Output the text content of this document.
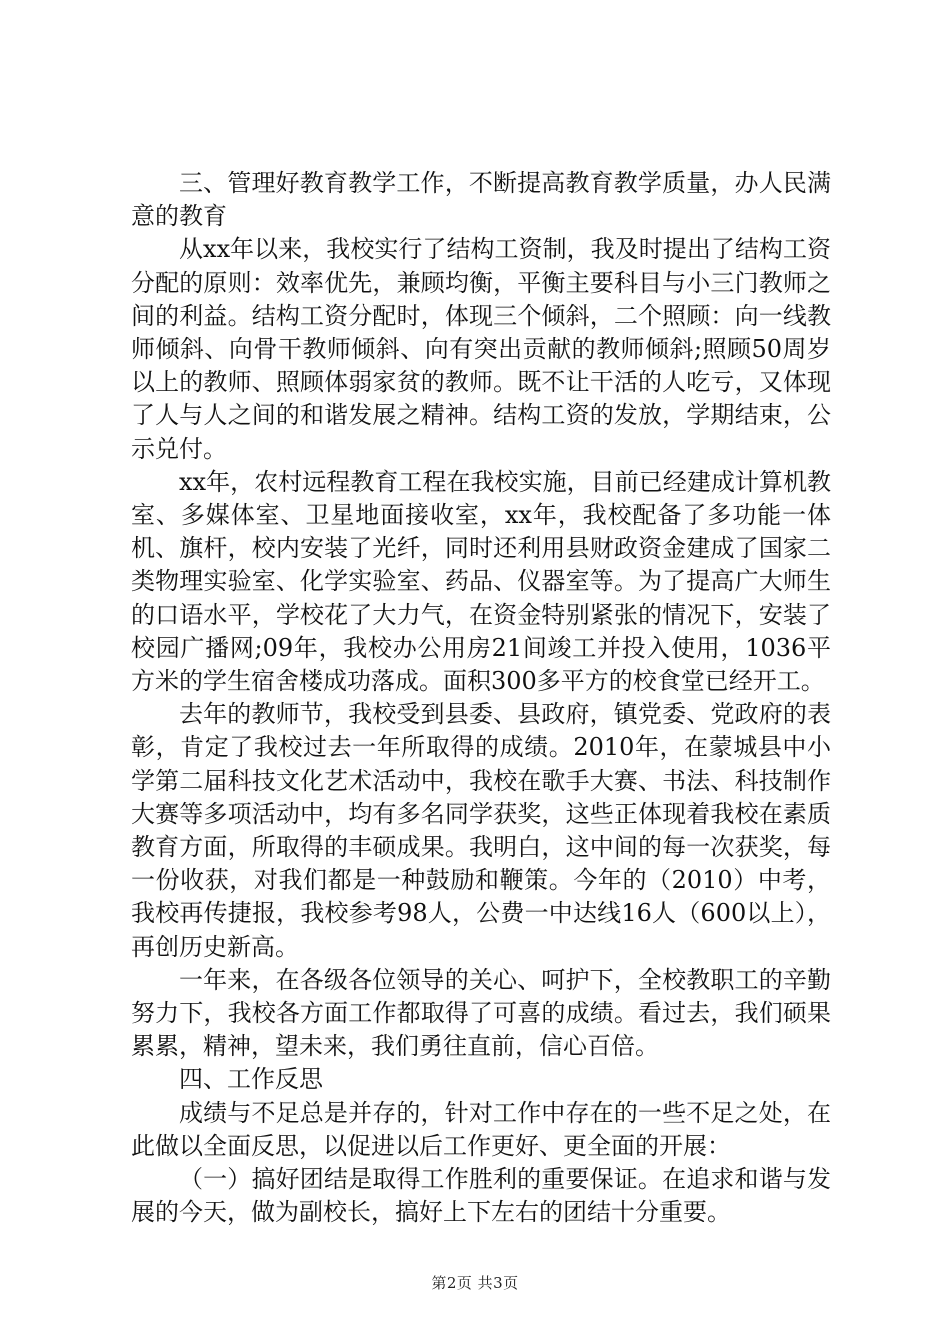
三、管理好教育教学工作，不断提高教育教学质量，办人民满意的教育

从xx年以来，我校实行了结构工资制，我及时提出了结构工资分配的原则：效率优先，兼顾均衡，平衡主要科目与小三门教师之间的利益。结构工资分配时，体现三个倾斜，二个照顾：向一线教师倾斜、向骨干教师倾斜、向有突出贡献的教师倾斜;照顾50周岁以上的教师、照顾体弱家贫的教师。既不让干活的人吃亏，又体现了人与人之间的和谐发展之精神。结构工资的发放，学期结束，公示兑付。

xx年，农村远程教育工程在我校实施，目前已经建成计算机教室、多媒体室、卫星地面接收室，xx年，我校配备了多功能一体机、旗杆，校内安装了光纤，同时还利用县财政资金建成了国家二类物理实验室、化学实验室、药品、仪器室等。为了提高广大师生的口语水平，学校花了大力气，在资金特别紧张的情况下，安装了校园广播网;09年，我校办公用房21间竣工并投入使用，1036平方米的学生宿舍楼成功落成。面积300多平方的校食堂已经开工。

去年的教师节，我校受到县委、县政府，镇党委、党政府的表彰，肯定了我校过去一年所取得的成绩。2010年，在蒙城县中小学第二届科技文化艺术活动中，我校在歌手大赛、书法、科技制作大赛等多项活动中，均有多名同学获奖，这些正体现着我校在素质教育方面，所取得的丰硕成果。我明白，这中间的每一次获奖，每一份收获，对我们都是一种鼓励和鞭策。今年的（2010）中考，我校再传捷报，我校参考98人，公费一中达线16人（600以上），再创历史新高。

一年来，在各级各位领导的关心、呵护下，全校教职工的辛勤努力下，我校各方面工作都取得了可喜的成绩。看过去，我们硕果累累，精神，望未来，我们勇往直前，信心百倍。

四、工作反思

成绩与不足总是并存的，针对工作中存在的一些不足之处，在此做以全面反思，以促进以后工作更好、更全面的开展：

（一）搞好团结是取得工作胜利的重要保证。在追求和谐与发展的今天，做为副校长，搞好上下左右的团结十分重要。

第2页 共3页
